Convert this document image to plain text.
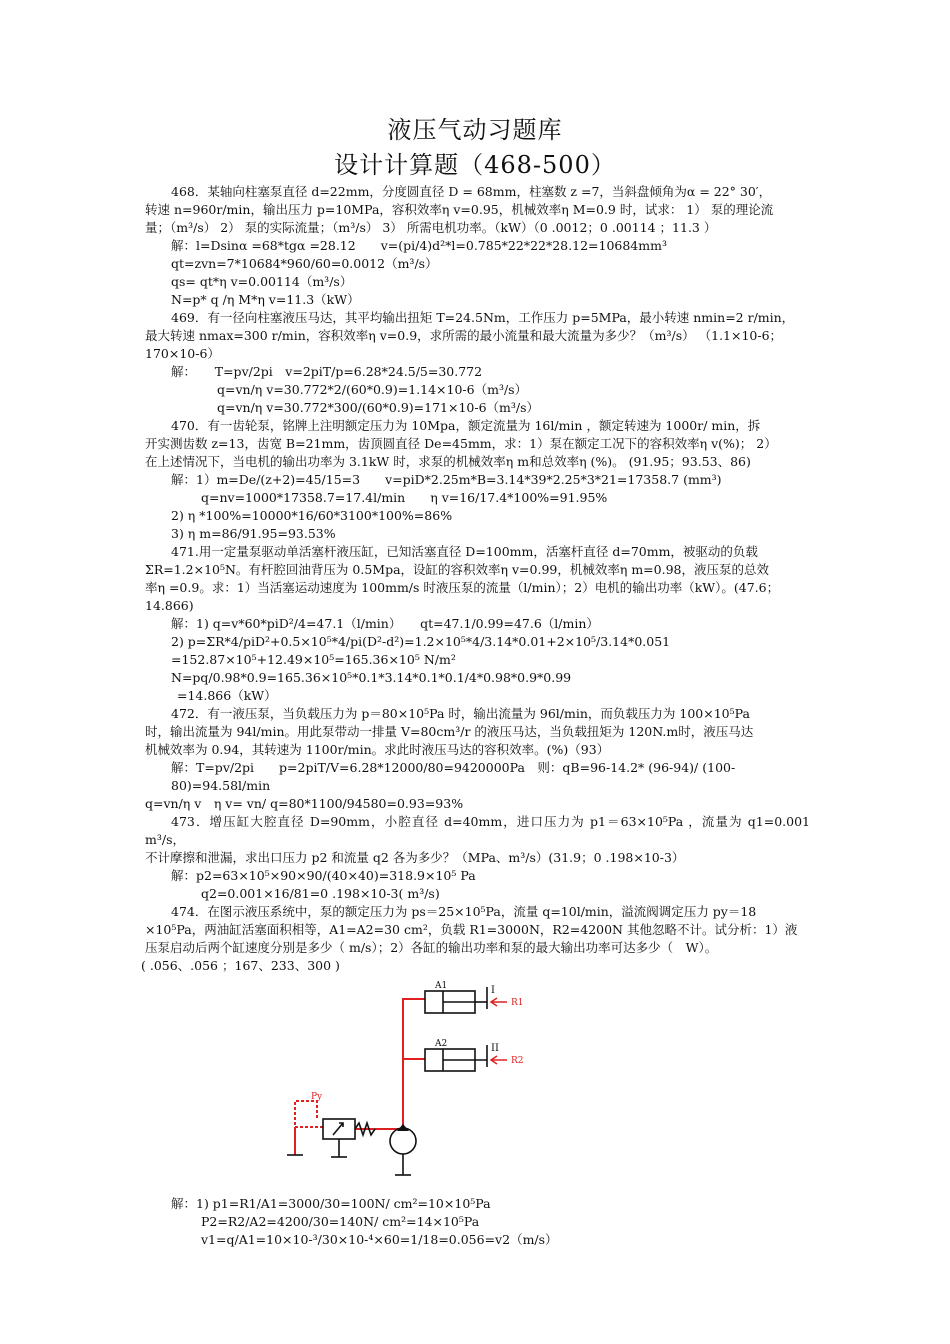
液压气动习题库
设计计算题（468-500）

468．某轴向柱塞泵直径 d=22mm，分度圆直径 D = 68mm，柱塞数 z =7，当斜盘倾角为α = 22° 30′，

转速 n=960r/min，输出压力 p=10MPa，容积效率η v=0.95，机械效率η M=0.9 时，试求： 1） 泵的理论流

量；（m³/s） 2） 泵的实际流量；（m³/s） 3） 所需电机功率。（kW）（0 .0012；0 .00114 ；11.3 ）

解：l=Dsinα =68*tgα =28.12　　v=(pi/4)d²*l=0.785*22*22*28.12=10684mm³

qt=zvn=7*10684*960/60=0.0012（m³/s）

qs= qt*η v=0.00114（m³/s）

N=p* q /η M*η v=11.3（kW）

469．有一径向柱塞液压马达，其平均输出扭矩 T=24.5Nm，工作压力 p=5MPa，最小转速 nmin=2 r/min，

最大转速 nmax=300 r/min，容积效率η v=0.9，求所需的最小流量和最大流量为多少？（m³/s） （1.1×10-6；

170×10-6）

解：　　T=pv/2pi　v=2piT/p=6.28*24.5/5=30.772

q=vn/η v=30.772*2/(60*0.9)=1.14×10-6（m³/s）

q=vn/η v=30.772*300/(60*0.9)=171×10-6（m³/s）

470．有一齿轮泵，铭牌上注明额定压力为 10Mpa，额定流量为 16l/min ，额定转速为 1000r/ min，拆

开实测齿数 z=13，齿宽 B=21mm，齿顶圆直径 De=45mm，求：1）泵在额定工况下的容积效率η v(%)； 2）

在上述情况下，当电机的输出功率为 3.1kW 时，求泵的机械效率η m和总效率η (%)。 (91.95；93.53、86)

解：1）m=De/(z+2)=45/15=3　　v=piD*2.25m*B=3.14*39*2.25*3*21=17358.7 (mm³)

q=nv=1000*17358.7=17.4l/min　　η v=16/17.4*100%=91.95%

2) η *100%=10000*16/60*3100*100%=86%

3) η m=86/91.95=93.53%

471.用一定量泵驱动单活塞杆液压缸，已知活塞直径 D=100mm，活塞杆直径 d=70mm，被驱动的负载

ΣR=1.2×10⁵N。有杆腔回油背压为 0.5Mpa，设缸的容积效率η v=0.99，机械效率η m=0.98，液压泵的总效

率η =0.9。求：1）当活塞运动速度为 100mm/s 时液压泵的流量（l/min）；2）电机的输出功率（kW）。(47.6；

14.866)

解：1) q=v*60*piD²/4=47.1（l/min）　　qt=47.1/0.99=47.6（l/min）

2) p=ΣR*4/piD²+0.5×10⁵*4/pi(D²-d²)=1.2×10⁵*4/3.14*0.01+2×10⁵/3.14*0.051

=152.87×10⁵+12.49×10⁵=165.36×10⁵ N/m²

N=pq/0.98*0.9=165.36×10⁵*0.1*3.14*0.1*0.1/4*0.98*0.9*0.99

=14.866（kW）

472．有一液压泵，当负载压力为 p＝80×10⁵Pa 时，输出流量为 96l/min，而负载压力为 100×10⁵Pa

时，输出流量为 94l/min。用此泵带动一排量 V=80cm³/r 的液压马达，当负载扭矩为 120N.m时，液压马达

机械效率为 0.94，其转速为 1100r/min。求此时液压马达的容积效率。(%)（93）

解：T=pv/2pi　　p=2piT/V=6.28*12000/80=9420000Pa　则：qB=96-14.2* (96-94)/ (100-80)=94.58l/min

q=vn/η v　η v= vn/ q=80*1100/94580=0.93=93%

473．增压缸大腔直径 D=90mm，小腔直径 d=40mm，进口压力为 p1＝63×10⁵Pa ，流量为 q1=0.001 m³/s，

不计摩擦和泄漏，求出口压力 p2 和流量 q2 各为多少？（MPa、m³/s）(31.9；0 .198×10-3）

解：p2=63×10⁵×90×90/(40×40)=318.9×10⁵ Pa

q2=0.001×16/81=0 .198×10-3( m³/s)

474．在图示液压系统中，泵的额定压力为 ps＝25×10⁵Pa，流量 q=10l/min，溢流阀调定压力 py＝18

×10⁵Pa，两油缸活塞面积相等，A1=A2=30 cm²，负载 R1=3000N，R2=4200N 其他忽略不计。试分析：1）液

压泵启动后两个缸速度分别是多少（ m/s）；2）各缸的输出功率和泵的最大输出功率可达多少（　W）。

( .056、.056 ；167、233、300 )

A1
A2
I
II
R1
R2
Py

解：1) p1=R1/A1=3000/30=100N/ cm²=10×10⁵Pa

P2=R2/A2=4200/30=140N/ cm²=14×10⁵Pa

v1=q/A1=10×10-³/30×10-⁴×60=1/18=0.056=v2（m/s）
